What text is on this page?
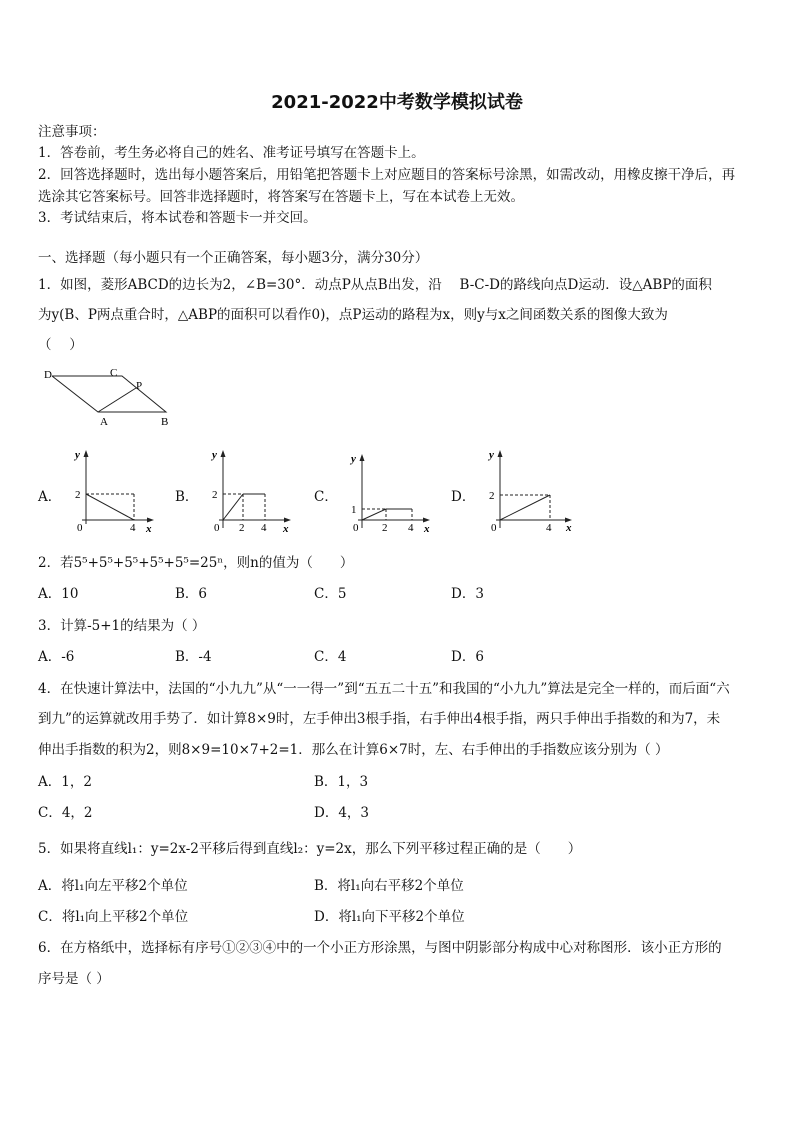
2021-2022中考数学模拟试卷
注意事项：
1．答卷前，考生务必将自己的姓名、准考证号填写在答题卡上。
2．回答选择题时，选出每小题答案后，用铅笔把答题卡上对应题目的答案标号涂黑，如需改动，用橡皮擦干净后，再
选涂其它答案标号。回答非选择题时，将答案写在答题卡上，写在本试卷上无效。
3．考试结束后，将本试卷和答题卡一并交回。
一、选择题（每小题只有一个正确答案，每小题3分，满分30分）
1．如图，菱形ABCD的边长为2，∠B=30°．动点P从点B出发，沿　 B-C-D的路线向点D运动．设△ABP的面积
为y(B、P两点重合时，△ABP的面积可以看作0)，点P运动的路程为x，则y与x之间函数关系的图像大致为
（　 ）
D	C
P
A	B
A．
y
2
0	4 x
B．
y
2
0 2 4 x
C．
y
1
0 2 4 x
D．
y
2
0	4 x
2．若5⁵+5⁵+5⁵+5⁵+5⁵=25ⁿ，则n的值为（　　）
A．10	B．6	C．5	D．3
3．计算-5+1的结果为（ ）
A．-6	B．-4	C．4	D．6
4．在快速计算法中，法国的“小九九”从“一一得一”到“五五二十五”和我国的“小九九”算法是完全一样的，而后面“六
到九”的运算就改用手势了．如计算8×9时，左手伸出3根手指，右手伸出4根手指，两只手伸出手指数的和为7，未
伸出手指数的积为2，则8×9=10×7+2=1．那么在计算6×7时，左、右手伸出的手指数应该分别为（ ）
A．1，2	B．1，3
C．4，2	D．4，3
5．如果将直线l₁：y=2x-2平移后得到直线l₂：y=2x，那么下列平移过程正确的是（　　）
A．将l₁向左平移2个单位	B．将l₁向右平移2个单位
C．将l₁向上平移2个单位	D．将l₁向下平移2个单位
6．在方格纸中，选择标有序号①②③④中的一个小正方形涂黑，与图中阴影部分构成中心对称图形．该小正方形的
序号是（ ）
